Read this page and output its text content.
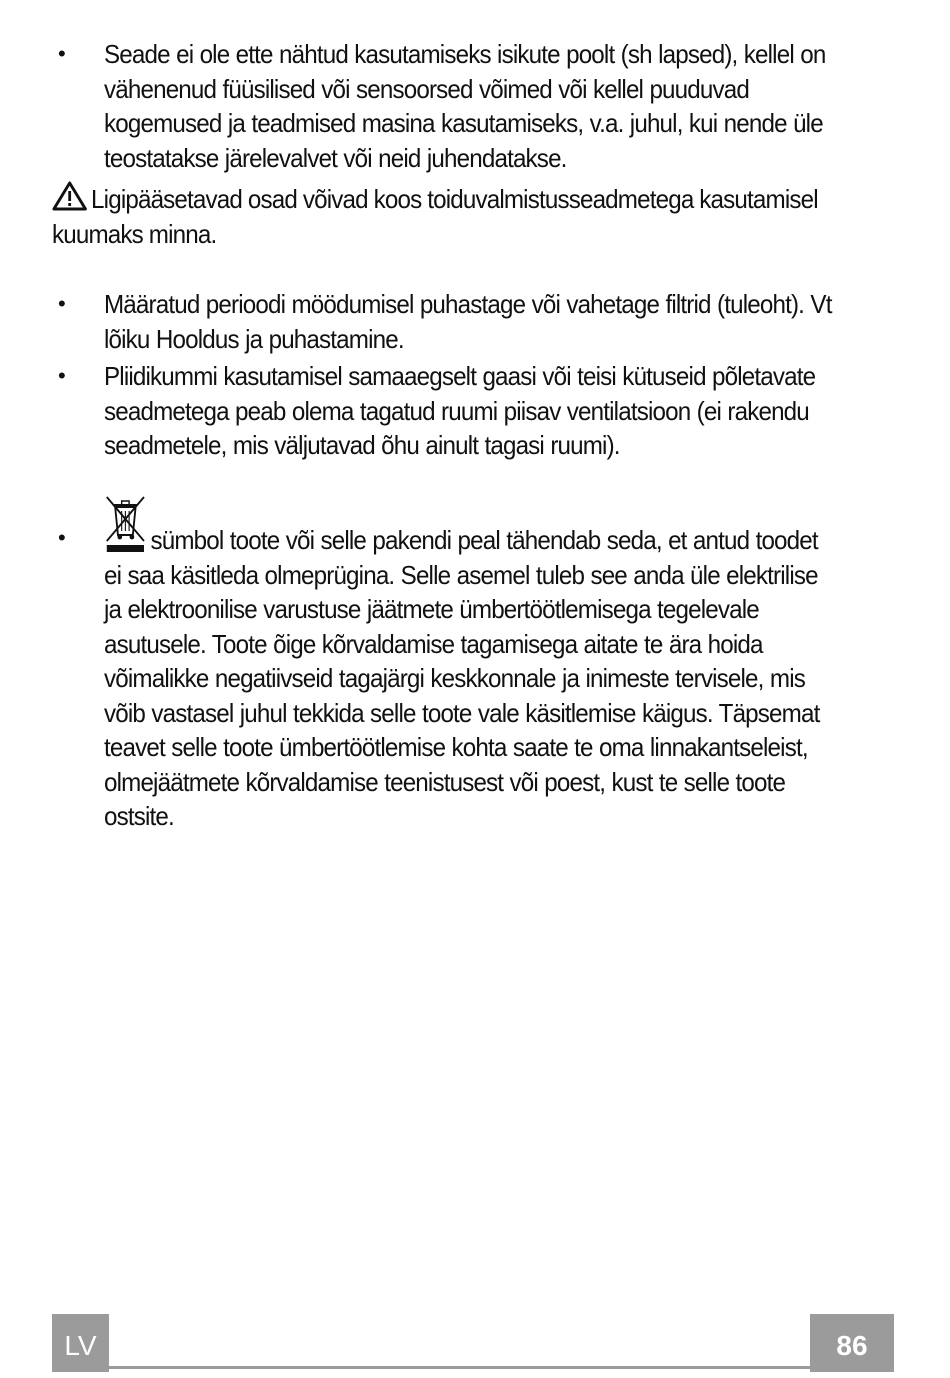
•	Seade ei ole ette nähtud kasutamiseks isikute poolt (sh lapsed), kellel on vähenenud füüsilised või sensoorsed võimed või kellel puuduvad kogemused ja teadmised masina kasutamiseks, v.a. juhul, kui nende üle teostatakse järelevalvet või neid juhendatakse.
Ligipääsetavad osad võivad koos toiduvalmistusseadmetega kasutamisel kuumaks minna.
•	Määratud perioodi möödumisel puhastage või vahetage filtrid (tuleoht). Vt lõiku Hooldus ja puhastamine.
•	Pliidikummi kasutamisel samaaegselt gaasi või teisi kütuseid põletavate seadmetega peab olema tagatud ruumi piisav ventilatsioon (ei rakendu seadmetele, mis väljutavad õhu ainult tagasi ruumi).
•	sümbol toote või selle pakendi peal tähendab seda, et antud toodet ei saa käsitleda olmeprügina. Selle asemel tuleb see anda üle elektrilise ja elektroonilise varustuse jäätmete ümbertöötlemisega tegelevale asutusele. Toote õige kõrvaldamise tagamisega aitate te ära hoida võimalikke negatiivseid tagajärgi keskkonnale ja inimeste tervisele, mis võib vastasel juhul tekkida selle toote vale käsitlemise käigus. Täpsemat teavet selle toote ümbertöötlemise kohta saate te oma linnakantseleist, olmejäätmete kõrvaldamise teenistusest või poest, kust te selle toote ostsite.
LV	86
